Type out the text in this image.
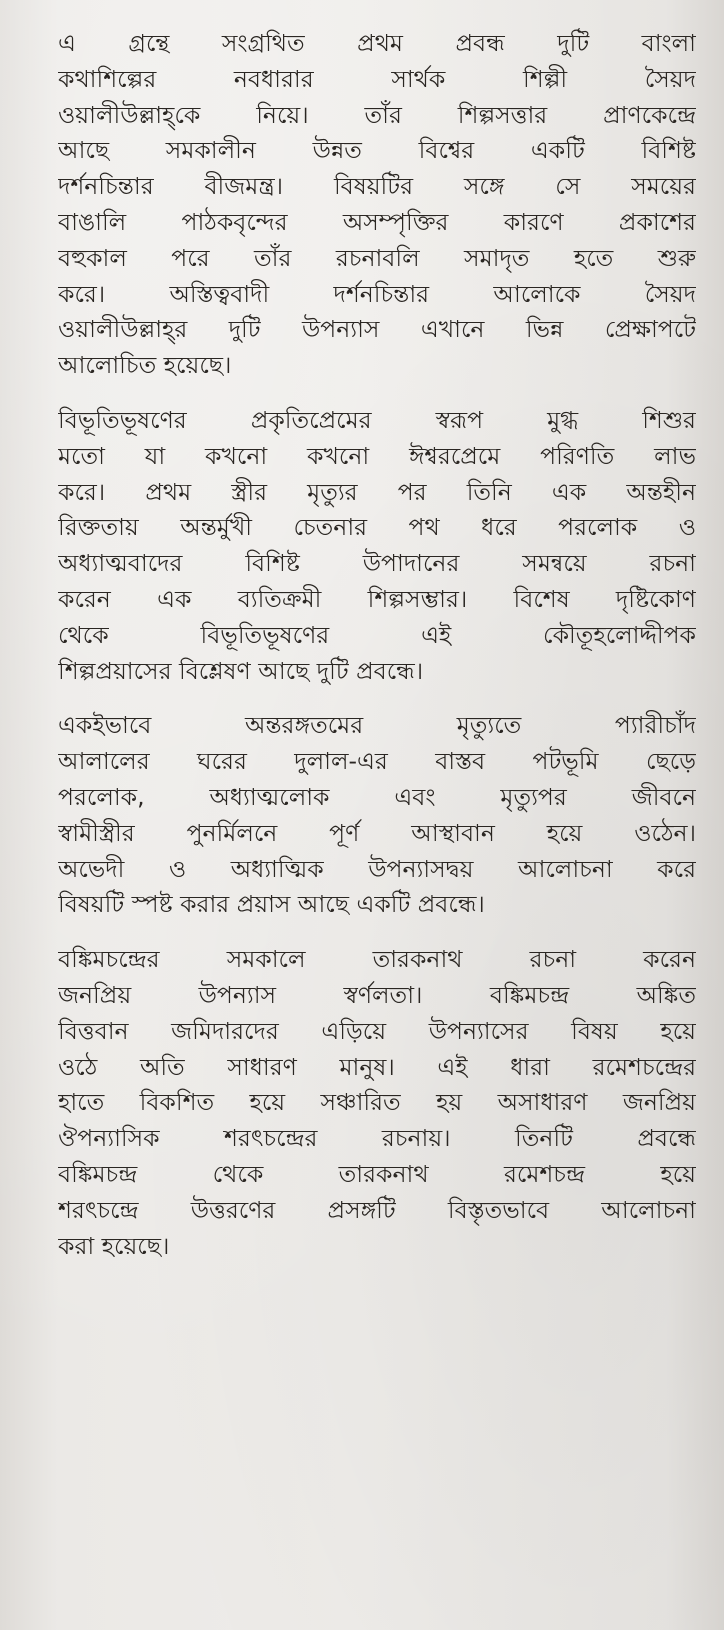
এ গ্রন্থে সংগ্রথিত প্রথম প্রবন্ধ দুটি বাংলা
কথাশিল্পের নবধারার সার্থক শিল্পী সৈয়দ
ওয়ালীউল্লাহ্‌কে নিয়ে। তাঁর শিল্পসত্তার প্রাণকেন্দ্রে
আছে সমকালীন উন্নত বিশ্বের একটি বিশিষ্ট
দর্শনচিন্তার বীজমন্ত্র। বিষয়টির সঙ্গে সে সময়ের
বাঙালি পাঠকবৃন্দের অসম্পৃক্তির কারণে প্রকাশের
বহুকাল পরে তাঁর রচনাবলি সমাদৃত হতে শুরু
করে। অস্তিত্ববাদী দর্শনচিন্তার আলোকে সৈয়দ
ওয়ালীউল্লাহ্‌র দুটি উপন্যাস এখানে ভিন্ন প্রেক্ষাপটে
আলোচিত হয়েছে।

বিভূতিভূষণের প্রকৃতিপ্রেমের স্বরূপ মুগ্ধ শিশুর
মতো যা কখনো কখনো ঈশ্বরপ্রেমে পরিণতি লাভ
করে। প্রথম স্ত্রীর মৃত্যুর পর তিনি এক অন্তহীন
রিক্ততায় অন্তর্মুখী চেতনার পথ ধরে পরলোক ও
অধ্যাত্মবাদের বিশিষ্ট উপাদানের সমন্বয়ে রচনা
করেন এক ব্যতিক্রমী শিল্পসম্ভার। বিশেষ দৃষ্টিকোণ
থেকে বিভূতিভূষণের এই কৌতূহলোদ্দীপক
শিল্পপ্রয়াসের বিশ্লেষণ আছে দুটি প্রবন্ধে।

একইভাবে অন্তরঙ্গতমের মৃত্যুতে প্যারীচাঁদ
আলালের ঘরের দুলাল-এর বাস্তব পটভূমি ছেড়ে
পরলোক, অধ্যাত্মলোক এবং মৃত্যুপর জীবনে
স্বামীস্ত্রীর পুনর্মিলনে পূর্ণ আস্থাবান হয়ে ওঠেন।
অভেদী ও অধ্যাত্মিক উপন্যাসদ্বয় আলোচনা করে
বিষয়টি স্পষ্ট করার প্রয়াস আছে একটি প্রবন্ধে।

বঙ্কিমচন্দ্রের সমকালে তারকনাথ রচনা করেন
জনপ্রিয় উপন্যাস স্বর্ণলতা। বঙ্কিমচন্দ্র অঙ্কিত
বিত্তবান জমিদারদের এড়িয়ে উপন্যাসের বিষয় হয়ে
ওঠে অতি সাধারণ মানুষ। এই ধারা রমেশচন্দ্রের
হাতে বিকশিত হয়ে সঞ্চারিত হয় অসাধারণ জনপ্রিয়
ঔপন্যাসিক শরৎচন্দ্রের রচনায়। তিনটি প্রবন্ধে
বঙ্কিমচন্দ্র থেকে তারকনাথ রমেশচন্দ্র হয়ে
শরৎচন্দ্রে উত্তরণের প্রসঙ্গটি বিস্তৃতভাবে আলোচনা
করা হয়েছে।
